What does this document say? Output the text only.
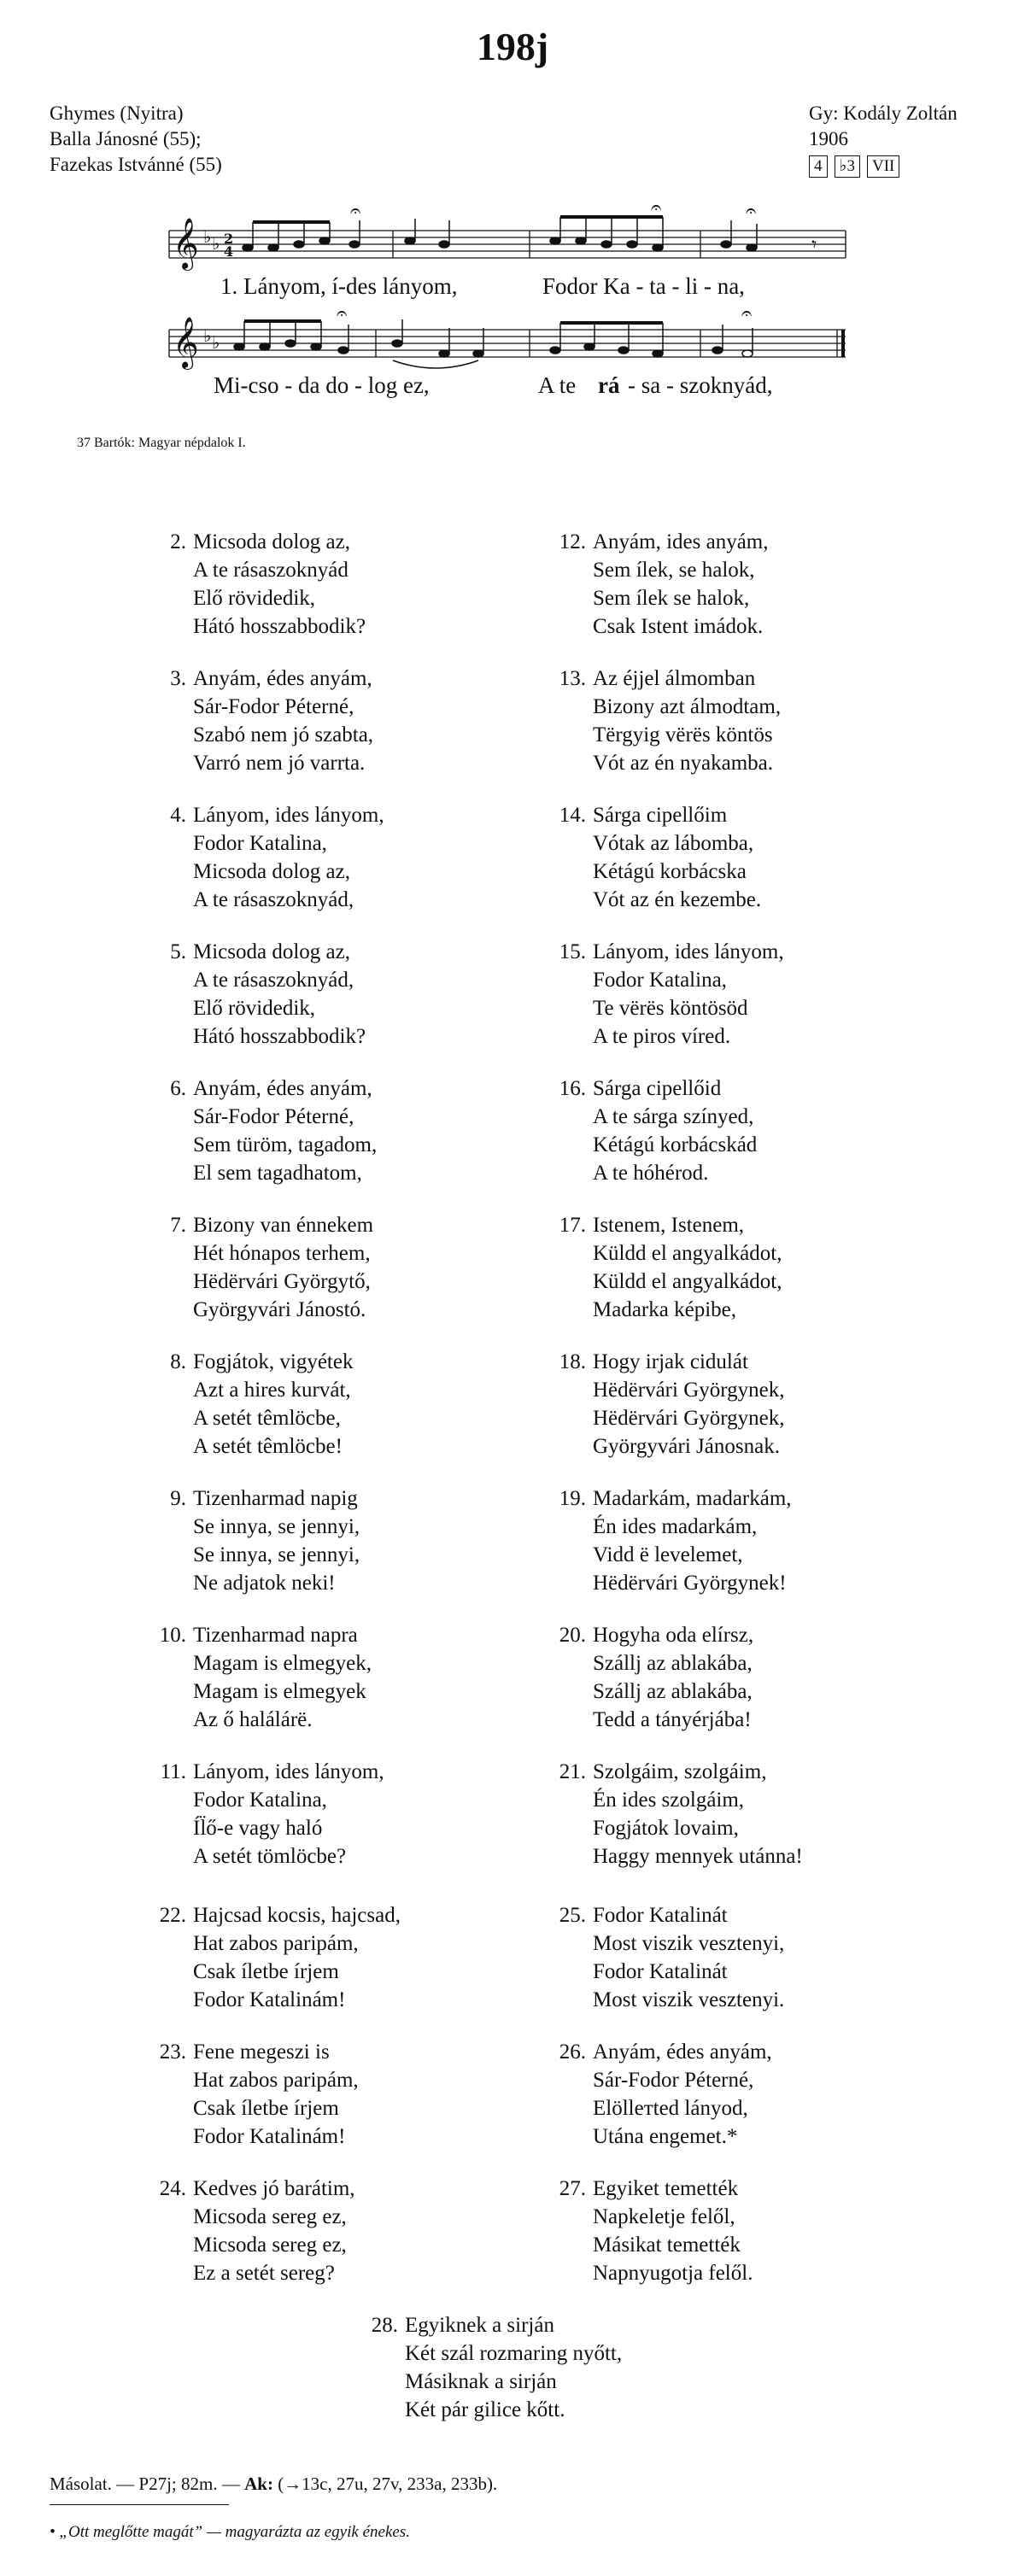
198j
Ghymes (Nyitra)
Balla Jánosné (55);
Fazekas Istvánné (55)
Gy: Kodály Zoltán
1906
4	♭3	VII
𝄞 ♭ ♭ 2
4
𝄐	𝄐	𝄐
𝄾
1. Lányom, í-des lányom,	Fodor Ka - ta - li - na,
𝄞 ♭ ♭
𝄐	𝄐
Mi-cso - da do - log ez,	A te rá - sa - szoknyád,
37 Bartók: Magyar népdalok I.
2. Micsoda dolog az,
A te rásaszoknyád
Elő rövidedik,
Hátó hosszabbodik?
3. Anyám, édes anyám,
Sár-Fodor Péterné,
Szabó nem jó szabta,
Varró nem jó varrta.
4. Lányom, ides lányom,
Fodor Katalina,
Micsoda dolog az,
A te rásaszoknyád,
5. Micsoda dolog az,
A te rásaszoknyád,
Elő rövidedik,
Hátó hosszabbodik?
6. Anyám, édes anyám,
Sár-Fodor Péterné,
Sem türöm, tagadom,
El sem tagadhatom,
7. Bizony van énnekem
Hét hónapos terhem,
Hëdërvári Györgytő,
Györgyvári Jánostó.
8. Fogjátok, vigyétek
Azt a hires kurvát,
A setét têmlöcbe,
A setét têmlöcbe!
9. Tizenharmad napig
Se innya, se jennyi,
Se innya, se jennyi,
Ne adjatok neki!
10. Tizenharmad napra
Magam is elmegyek,
Magam is elmegyek
Az ő halálárë.
11. Lányom, ides lányom,
Fodor Katalina,
Íl̈ő-e vagy haló
A setét tömlöcbe?
22. Hajcsad kocsis, hajcsad,
Hat zabos paripám,
Csak íletbe írjem
Fodor Katalinám!
23. Fene megeszi is
Hat zabos paripám,
Csak íletbe írjem
Fodor Katalinám!
24. Kedves jó barátim,
Micsoda sereg ez,
Micsoda sereg ez,
Ez a setét sereg?
12. Anyám, ides anyám,
Sem ílek, se halok,
Sem ílek se halok,
Csak Istent imádok.
13. Az éjjel álmomban
Bizony azt álmodtam,
Tërgyig vërës köntös
Vót az én nyakamba.
14. Sárga cipellőim
Vótak az lábomba,
Kétágú korbácska
Vót az én kezembe.
15. Lányom, ides lányom,
Fodor Katalina,
Te vërës köntösöd
A te piros víred.
16. Sárga cipellőid
A te sárga színyed,
Kétágú korbácskád
A te hóhérod.
17. Istenem, Istenem,
Küldd el angyalkádot,
Küldd el angyalkádot,
Madarka képibe,
18. Hogy irjak cidulát
Hëdërvári Györgynek,
Hëdërvári Györgynek,
Györgyvári Jánosnak.
19. Madarkám, madarkám,
Én ides madarkám,
Vidd ë levelemet,
Hëdërvári Györgynek!
20. Hogyha oda elírsz,
Szállj az ablakába,
Szállj az ablakába,
Tedd a tányérjába!
21. Szolgáim, szolgáim,
Én ides szolgáim,
Fogjátok lovaim,
Haggy mennyek utánna!
25. Fodor Katalinát
Most viszik vesztenyi,
Fodor Katalinát
Most viszik vesztenyi.
26. Anyám, édes anyám,
Sár-Fodor Péterné,
Elöllетted lányod,
Utána engemet.*
27. Egyiket temették
Napkeletje felől,
Másikat temették
Napnyugotja felől.
28. Egyiknek a sirján
Két szál rozmaring nyőtt,
Másiknak a sirján
Két pár gilice kőtt.
Másolat. — P27j; 82m. — Ak: (→13c, 27u, 27v, 233a, 233b).
• „Ott meglőtte magát” — magyarázta az egyik énekes.
